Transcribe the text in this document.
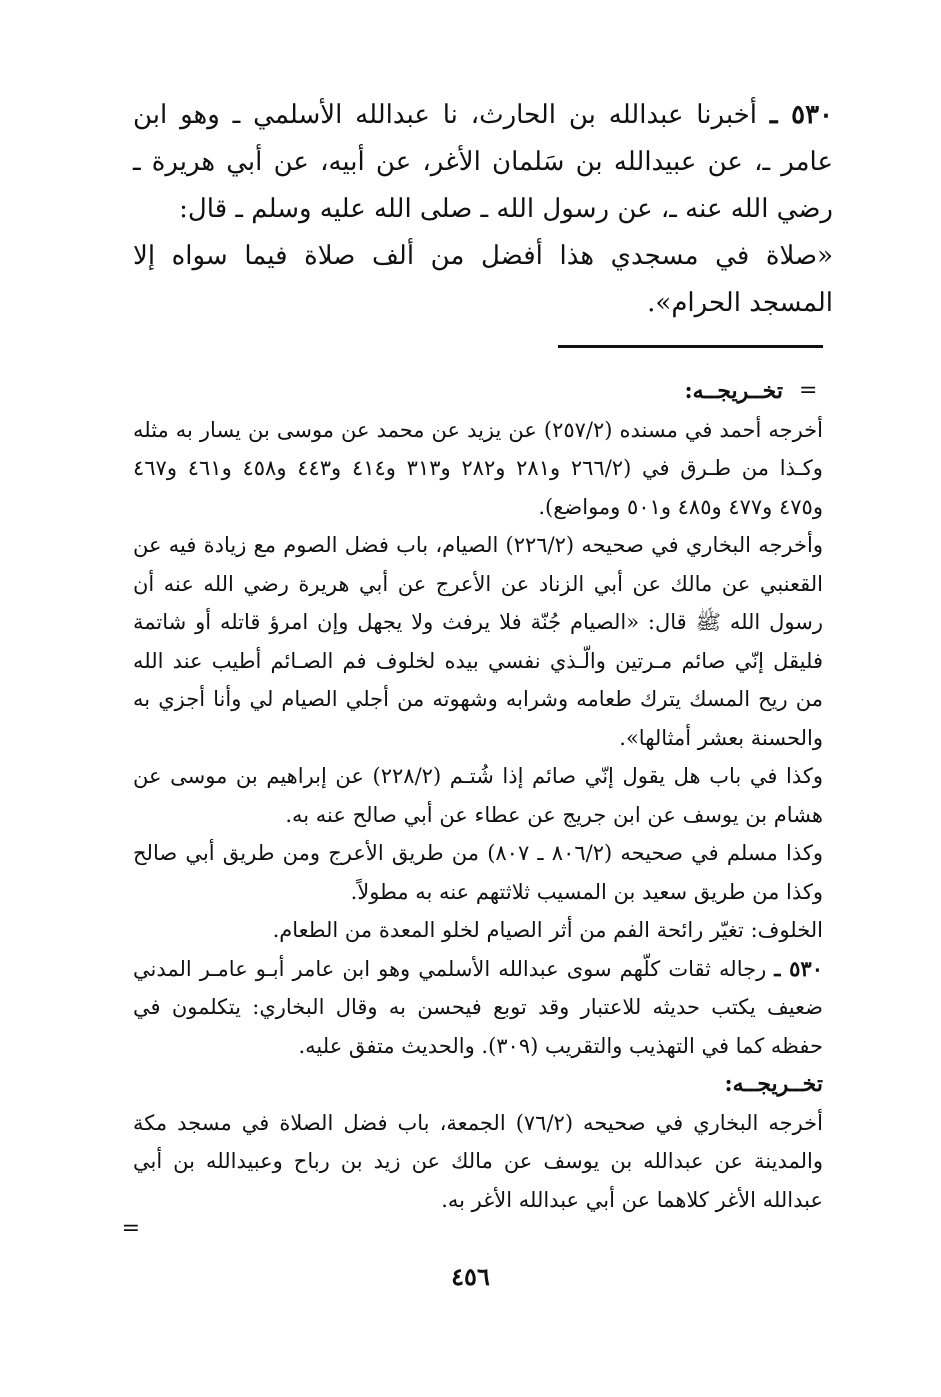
٥٣٠ ـ أخبرنا عبدالله بن الحارث، نا عبدالله الأسلمي ـ وهو ابن عامر ـ، عن عبيدالله بن سَلمان الأغر، عن أبيه، عن أبي هريرة ـ رضي الله عنه ـ، عن رسول الله ـ صلى الله عليه وسلم ـ قال:

«صلاة في مسجدي هذا أفضل من ألف صلاة فيما سواه إلا المسجد الحرام».

=

تخــريجــه:

أخرجه أحمد في مسنده (٢٥٧/٢) عن يزيد عن محمد عن موسى بن يسار به مثله وكـذا من طـرق في (٢٦٦/٢ و٢٨١ و٢٨٢ و٣١٣ و٤١٤ و٤٤٣ و٤٥٨ و٤٦١ و٤٦٧ و٤٧٥ و٤٧٧ و٤٨٥ و٥٠١ ومواضع).

وأخرجه البخاري في صحيحه (٢٢٦/٢) الصيام، باب فضل الصوم مع زيادة فيه عن القعنبي عن مالك عن أبي الزناد عن الأعرج عن أبي هريرة رضي الله عنه أن رسول الله ﷺ قال: «الصيام جُنّة فلا يرفث ولا يجهل وإن امرؤ قاتله أو شاتمة فليقل إنّي صائم مـرتين والّـذي نفسي بيده لخلوف فم الصـائم أطيب عند الله من ريح المسك يترك طعامه وشرابه وشهوته من أجلي الصيام لي وأنا أجزي به والحسنة بعشر أمثالها».

وكذا في باب هل يقول إنّي صائم إذا شُتـم (٢٢٨/٢) عن إبراهيم بن موسى عن هشام بن يوسف عن ابن جريج عن عطاء عن أبي صالح عنه به.

وكذا مسلم في صحيحه (٨٠٦/٢ ـ ٨٠٧) من طريق الأعرج ومن طريق أبي صالح وكذا من طريق سعيد بن المسيب ثلاثتهم عنه به مطولاً.

الخلوف: تغيّر رائحة الفم من أثر الصيام لخلو المعدة من الطعام.

٥٣٠ ـ رجاله ثقات كلّهم سوى عبدالله الأسلمي وهو ابن عامر أبـو عامـر المدني ضعيف يكتب حديثه للاعتبار وقد توبع فيحسن به وقال البخاري: يتكلمون في حفظه كما في التهذيب والتقريب (٣٠٩). والحديث متفق عليه.

تخــريجــه:

أخرجه البخاري في صحيحه (٧٦/٢) الجمعة، باب فضل الصلاة في مسجد مكة والمدينة عن عبدالله بن يوسف عن مالك عن زيد بن رباح وعبيدالله بن أبي عبدالله الأغر كلاهما عن أبي عبدالله الأغر به.

=
٤٥٦
